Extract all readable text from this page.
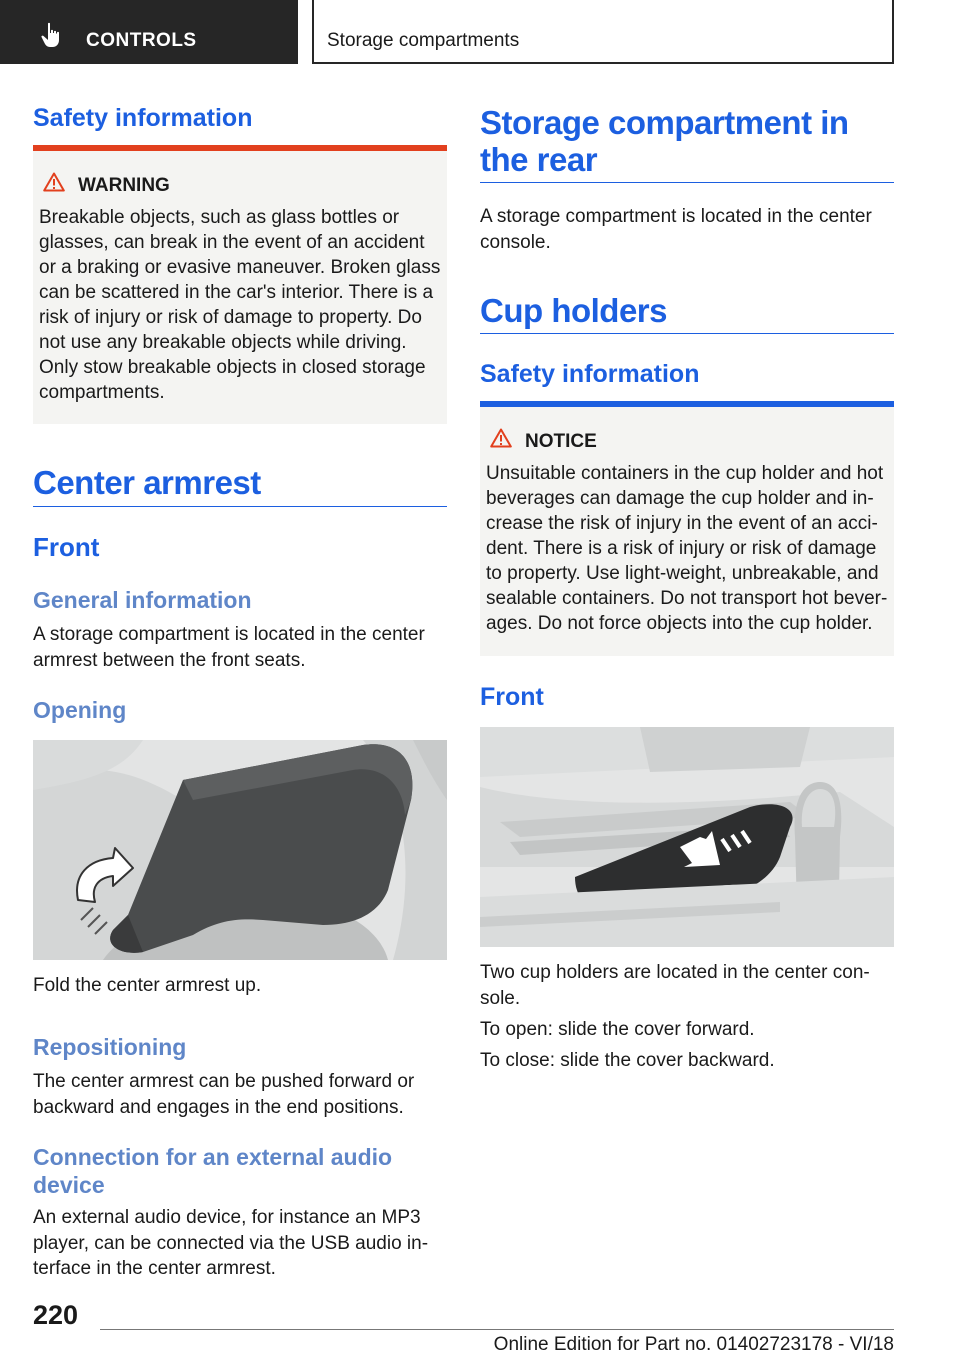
CONTROLS	Storage compartments
Safety information
WARNING
Breakable objects, such as glass bottles or
glasses, can break in the event of an accident
or a braking or evasive maneuver. Broken glass
can be scattered in the car's interior. There is a
risk of injury or risk of damage to property. Do
not use any breakable objects while driving.
Only stow breakable objects in closed storage
compartments.
Center armrest
Front
General information
A storage compartment is located in the center
armrest between the front seats.
Opening
Fold the center armrest up.
Repositioning
The center armrest can be pushed forward or
backward and engages in the end positions.
Connection for an external audio
device
An external audio device, for instance an MP3
player, can be connected via the USB audio in-
terface in the center armrest.
Storage compartment in
the rear
A storage compartment is located in the center
console.
Cup holders
Safety information
NOTICE
Unsuitable containers in the cup holder and hot
beverages can damage the cup holder and in-
crease the risk of injury in the event of an acci-
dent. There is a risk of injury or risk of damage
to property. Use light-weight, unbreakable, and
sealable containers. Do not transport hot bever-
ages. Do not force objects into the cup holder.
Front
Two cup holders are located in the center con-
sole.
To open: slide the cover forward.
To close: slide the cover backward.
220
Online Edition for Part no. 01402723178 - VI/18
